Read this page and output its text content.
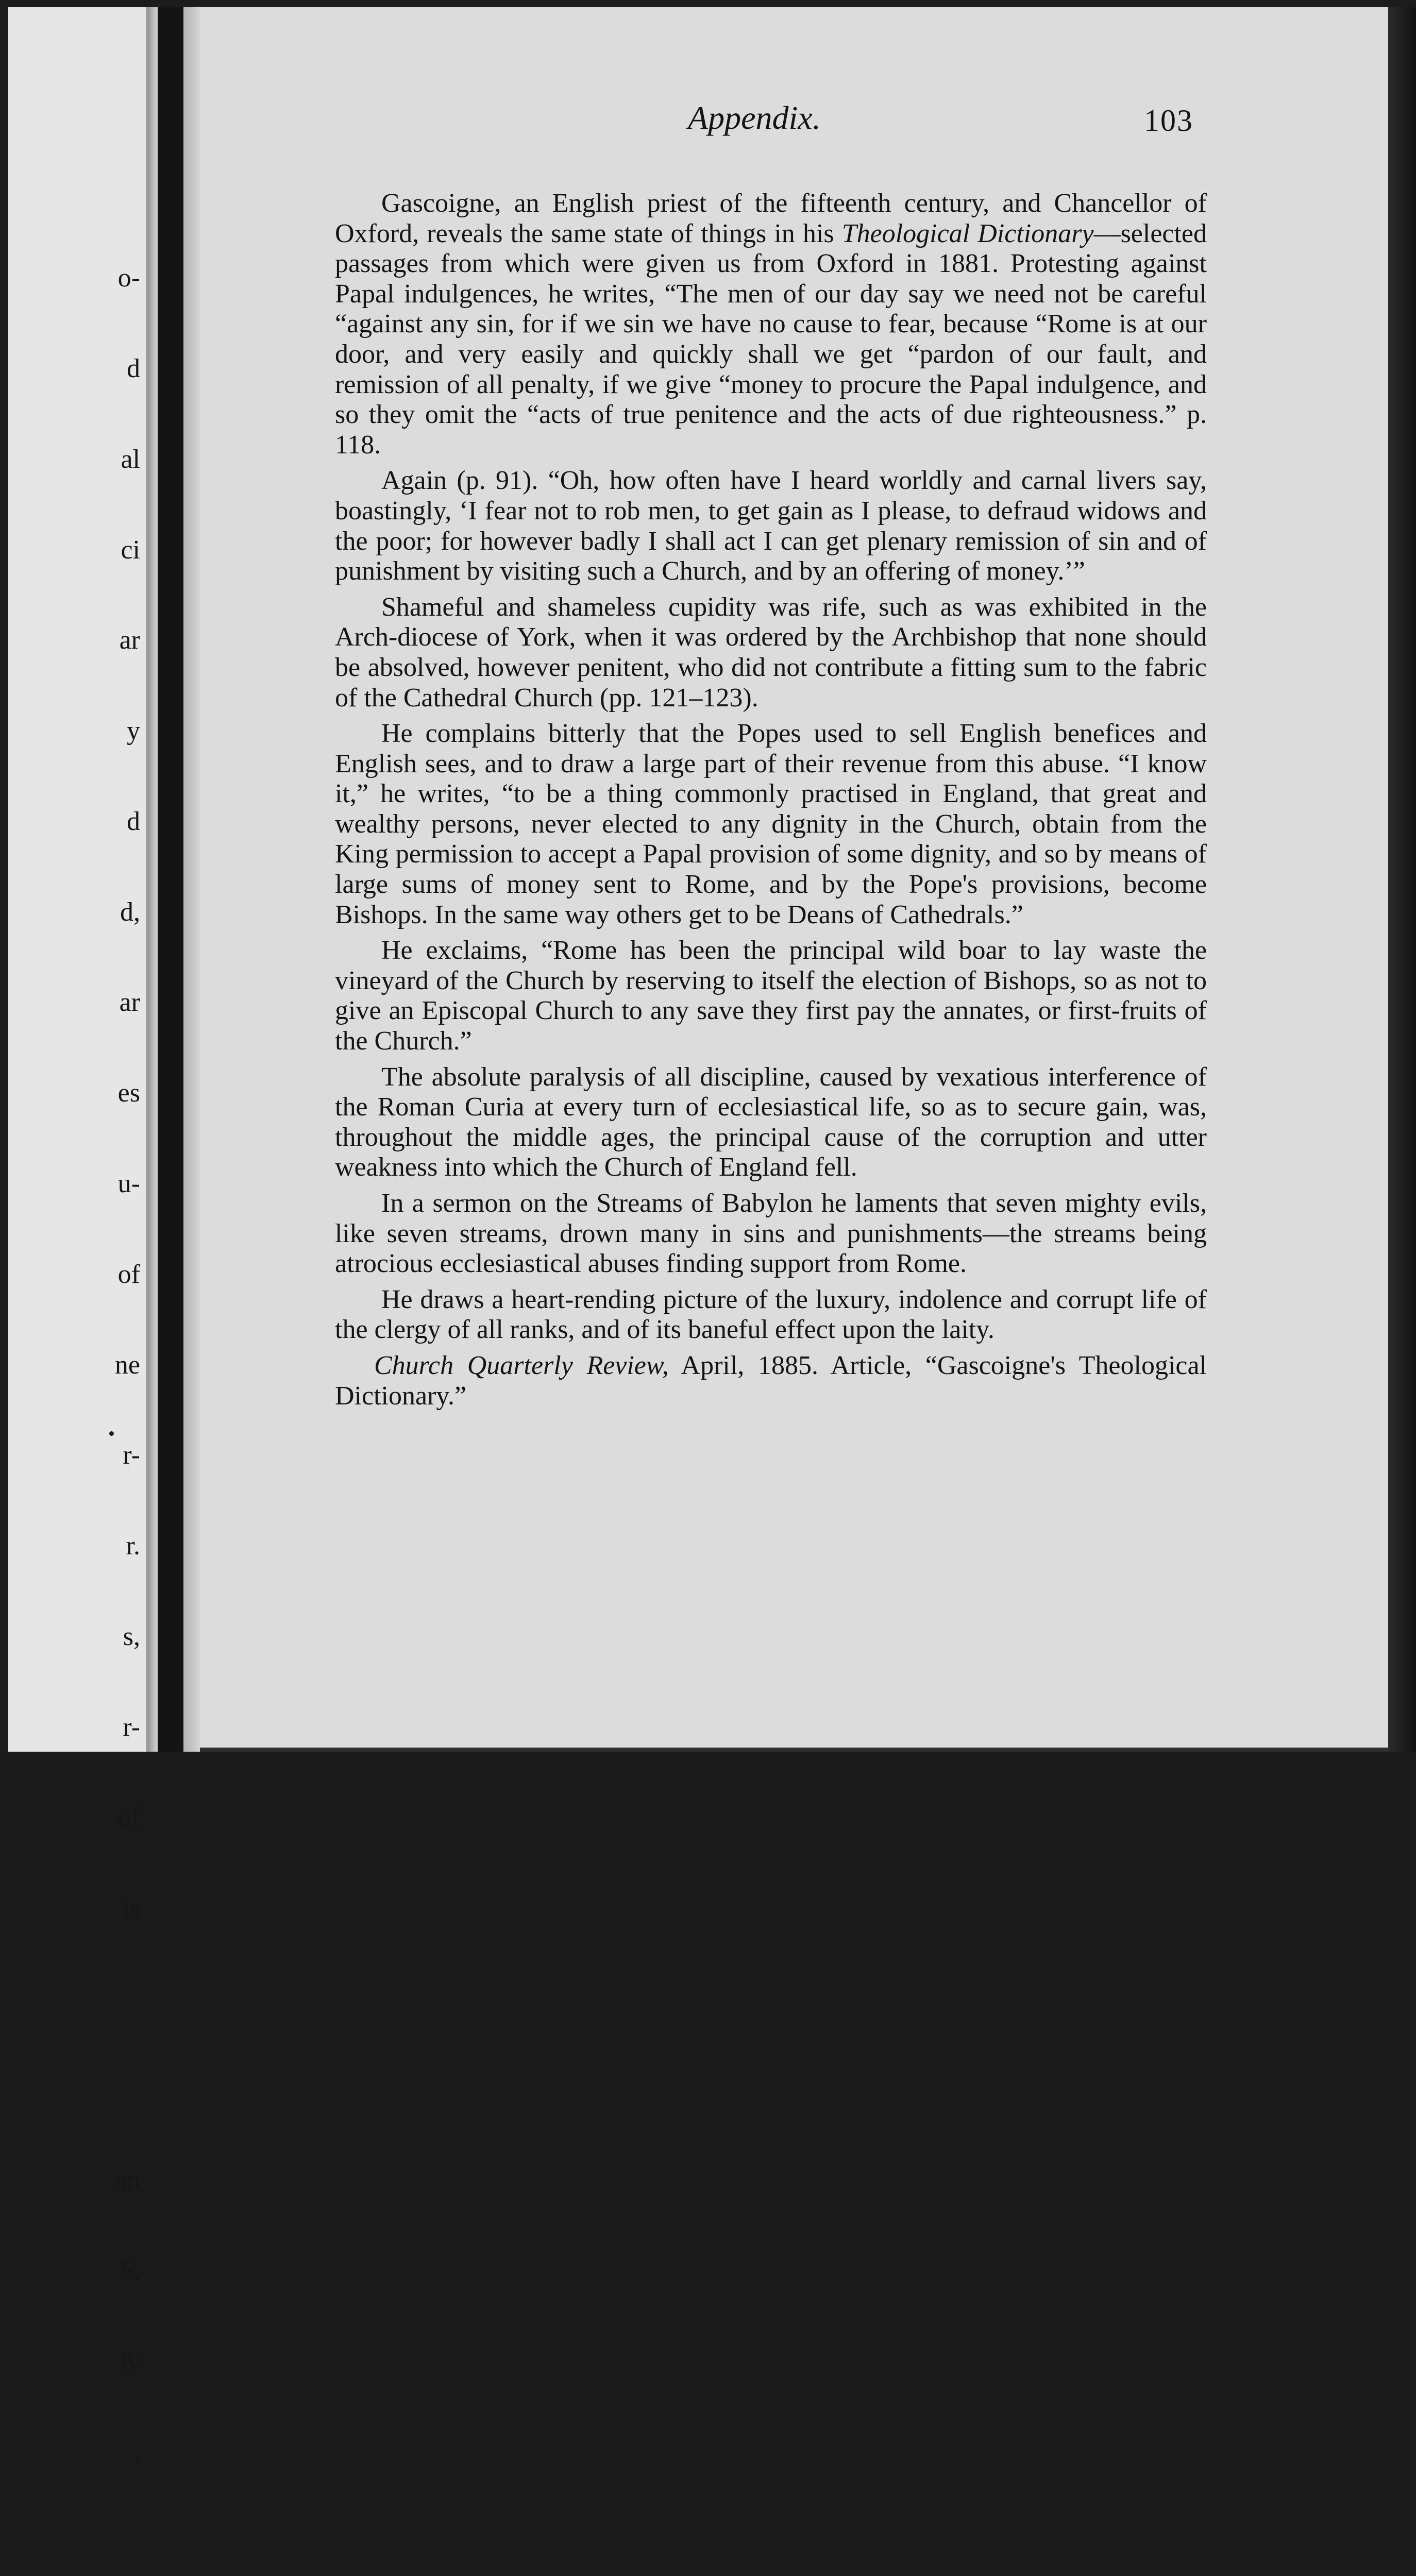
o-

d

al

ci

ar

y

d

d,

ar

es

u-

of

ne

r-

r.

s,

r-

of

is

an

5,

ly

.

Appendix.	103

Gascoigne, an English priest of the fifteenth century, and Chancellor of Oxford, reveals the same state of things in his Theological Dictionary—selected passages from which were given us from Oxford in 1881. Protesting against Papal indulgences, he writes, “The men of our day say we need not be careful “against any sin, for if we sin we have no cause to fear, because “Rome is at our door, and very easily and quickly shall we get “pardon of our fault, and remission of all penalty, if we give “money to procure the Papal indulgence, and so they omit the “acts of true penitence and the acts of due righteousness.” p. 118.

Again (p. 91). “Oh, how often have I heard worldly and carnal livers say, boastingly, ‘I fear not to rob men, to get gain as I please, to defraud widows and the poor; for however badly I shall act I can get plenary remission of sin and of punishment by visiting such a Church, and by an offering of money.’”

Shameful and shameless cupidity was rife, such as was exhibited in the Arch-diocese of York, when it was ordered by the Archbishop that none should be absolved, however penitent, who did not contribute a fitting sum to the fabric of the Cathedral Church (pp. 121–123).

He complains bitterly that the Popes used to sell English benefices and English sees, and to draw a large part of their revenue from this abuse. “I know it,” he writes, “to be a thing commonly practised in England, that great and wealthy persons, never elected to any dignity in the Church, obtain from the King permission to accept a Papal provision of some dignity, and so by means of large sums of money sent to Rome, and by the Pope's provisions, become Bishops. In the same way others get to be Deans of Cathedrals.”

He exclaims, “Rome has been the principal wild boar to lay waste the vineyard of the Church by reserving to itself the election of Bishops, so as not to give an Episcopal Church to any save they first pay the annates, or first-fruits of the Church.”

The absolute paralysis of all discipline, caused by vexatious interference of the Roman Curia at every turn of ecclesiastical life, so as to secure gain, was, throughout the middle ages, the principal cause of the corruption and utter weakness into which the Church of England fell.

In a sermon on the Streams of Babylon he laments that seven mighty evils, like seven streams, drown many in sins and punishments—the streams being atrocious ecclesiastical abuses finding support from Rome.

He draws a heart-rending picture of the luxury, indolence and corrupt life of the clergy of all ranks, and of its baneful effect upon the laity.

Church Quarterly Review, April, 1885. Article, “Gascoigne's Theological Dictionary.”
